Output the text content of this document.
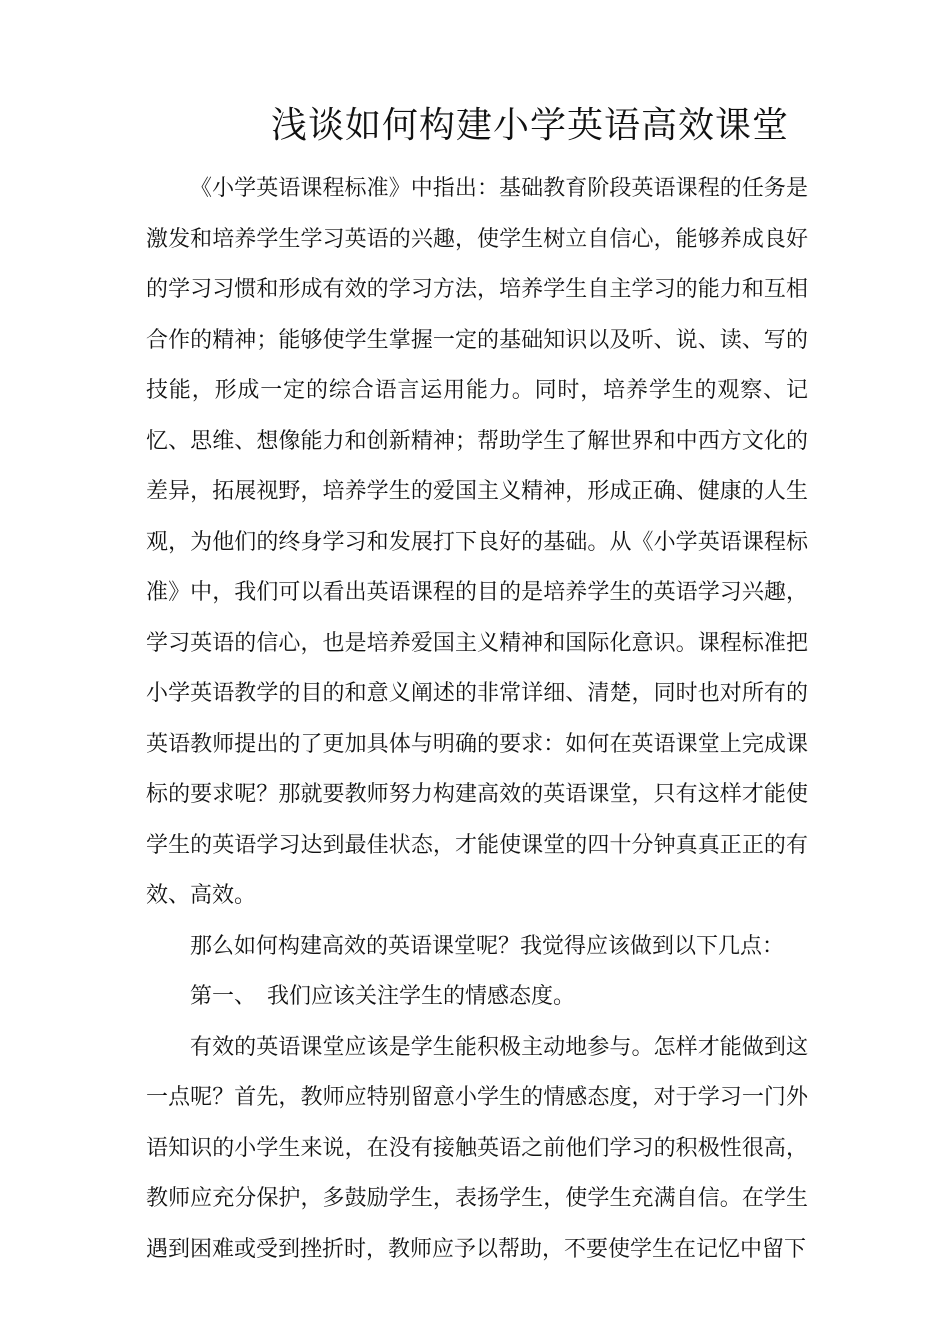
浅谈如何构建小学英语高效课堂

《小学英语课程标准》中指出：基础教育阶段英语课程的任务是激发和培养学生学习英语的兴趣，使学生树立自信心，能够养成良好的学习习惯和形成有效的学习方法，培养学生自主学习的能力和互相合作的精神；能够使学生掌握一定的基础知识以及听、说、读、写的技能，形成一定的综合语言运用能力。同时，培养学生的观察、记忆、思维、想像能力和创新精神；帮助学生了解世界和中西方文化的差异，拓展视野，培养学生的爱国主义精神，形成正确、健康的人生观，为他们的终身学习和发展打下良好的基础。从《小学英语课程标准》中，我们可以看出英语课程的目的是培养学生的英语学习兴趣，学习英语的信心，也是培养爱国主义精神和国际化意识。课程标准把小学英语教学的目的和意义阐述的非常详细、清楚，同时也对所有的英语教师提出的了更加具体与明确的要求：如何在英语课堂上完成课标的要求呢？那就要教师努力构建高效的英语课堂，只有这样才能使学生的英语学习达到最佳状态，才能使课堂的四十分钟真真正正的有效、高效。

那么如何构建高效的英语课堂呢？我觉得应该做到以下几点：

第一、　我们应该关注学生的情感态度。

有效的英语课堂应该是学生能积极主动地参与。怎样才能做到这一点呢？首先，教师应特别留意小学生的情感态度，对于学习一门外语知识的小学生来说，在没有接触英语之前他们学习的积极性很高，教师应充分保护，多鼓励学生，表扬学生，使学生充满自信。在学生遇到困难或受到挫折时，教师应予以帮助，不要使学生在记忆中留下
